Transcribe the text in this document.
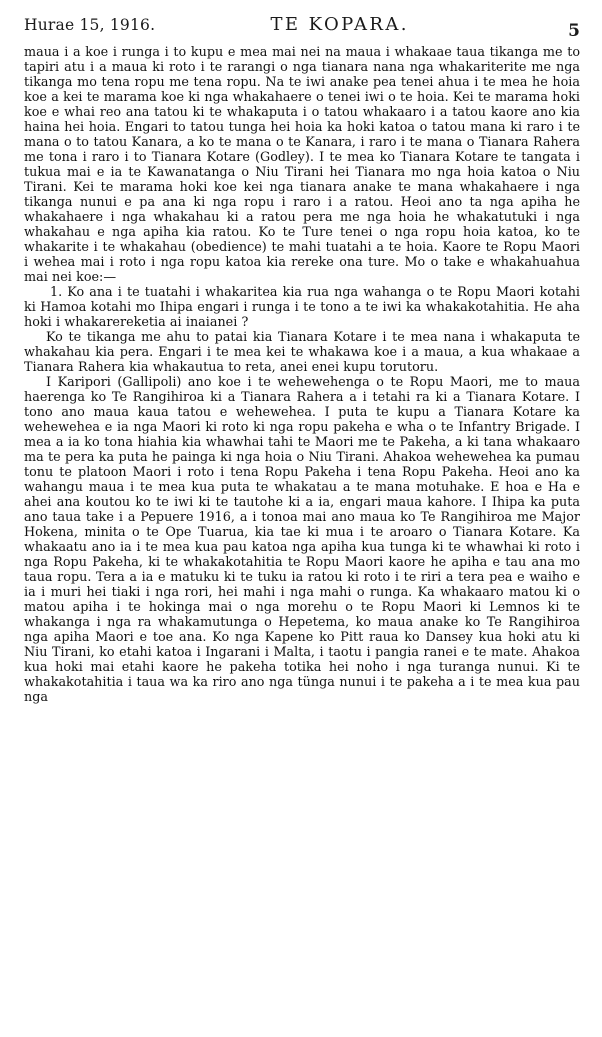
Hurae 15, 1916.	TE KOPARA.	5

maua i a koe i runga i to kupu e mea mai nei na maua i whakaae taua tikanga me to tapiri atu i a maua ki roto i te rarangi o nga tianara nana nga whakariterite me nga tikanga mo tena ropu me tena ropu. Na te iwi anake pea tenei ahua i te mea he hoia koe a kei te marama koe ki nga whakahaere o tenei iwi o te hoia. Kei te marama hoki koe e whai reo ana tatou ki te whakaputa i o tatou whakaaro i a tatou kaore ano kia haina hei hoia. Engari to tatou tunga hei hoia ka hoki katoa o tatou mana ki raro i te mana o to tatou Kanara, a ko te mana o te Kanara, i raro i te mana o Tianara Rahera me tona i raro i to Tianara Kotare (Godley). I te mea ko Tianara Kotare te tangata i tukua mai e ia te Kawanatanga o Niu Tirani hei Tianara mo nga hoia katoa o Niu Tirani. Kei te marama hoki koe kei nga tianara anake te mana whakahaere i nga tikanga nunui e pa ana ki nga ropu i raro i a ratou. Heoi ano ta nga apiha he whakahaere i nga whakahau ki a ratou pera me nga hoia he whakatutuki i nga whakahau e nga apiha kia ratou. Ko te Ture tenei o nga ropu hoia katoa, ko te whakarite i te whakahau (obedience) te mahi tuatahi a te hoia. Kaore te Ropu Maori i wehea mai i roto i nga ropu katoa kia rereke ona ture. Mo o take e whakahuahua mai nei koe:—

1. Ko ana i te tuatahi i whakaritea kia rua nga wahanga o te Ropu Maori kotahi ki Hamoa kotahi mo Ihipa engari i runga i te tono a te iwi ka whakakotahitia. He aha hoki i whakarereketia ai inaianei ?

Ko te tikanga me ahu to patai kia Tianara Kotare i te mea nana i whakaputa te whakahau kia pera. Engari i te mea kei te whakawa koe i a maua, a kua whakaae a Tianara Rahera kia whakautua to reta, anei enei kupu torutoru.

I Karipori (Gallipoli) ano koe i te wehewehenga o te Ropu Maori, me to maua haerenga ko Te Rangihiroa ki a Tianara Rahera a i tetahi ra ki a Tianara Kotare. I tono ano maua kaua tatou e wehewehea. I puta te kupu a Tianara Kotare ka wehewehea e ia nga Maori ki roto ki nga ropu pakeha e wha o te Infantry Brigade. I mea a ia ko tona hiahia kia whawhai tahi te Maori me te Pakeha, a ki tana whakaaro ma te pera ka puta he painga ki nga hoia o Niu Tirani. Ahakoa wehewehea ka pumau tonu te platoon Maori i roto i tena Ropu Pakeha i tena Ropu Pakeha. Heoi ano ka wahangu maua i te mea kua puta te whakatau a te mana motuhake. E hoa e Ha e ahei ana koutou ko te iwi ki te tautohe ki a ia, engari maua kahore. I Ihipa ka puta ano taua take i a Pepuere 1916, a i tonoa mai ano maua ko Te Rangihiroa me Major Hokena, minita o te Ope Tuarua, kia tae ki mua i te aroaro o Tianara Kotare. Ka whakaatu ano ia i te mea kua pau katoa nga apiha kua tunga ki te whawhai ki roto i nga Ropu Pakeha, ki te whakakotahitia te Ropu Maori kaore he apiha e tau ana mo taua ropu. Tera a ia e matuku ki te tuku ia ratou ki roto i te riri a tera pea e waiho e ia i muri hei tiaki i nga rori, hei mahi i nga mahi o runga. Ka whakaaro matou ki o matou apiha i te hokinga mai o nga morehu o te Ropu Maori ki Lemnos ki te whakanga i nga ra whakamutunga o Hepetema, ko maua anake ko Te Rangihiroa nga apiha Maori e toe ana. Ko nga Kapene ko Pitt raua ko Dansey kua hoki atu ki Niu Tirani, ko etahi katoa i Ingarani i Malta, i taotu i pangia ranei e te mate. Ahakoa kua hoki mai etahi kaore he pakeha totika hei noho i nga turanga nunui. Ki te whakakotahitia i taua wa ka riro ano nga tünga nunui i te pakeha a i te mea kua pau nga
